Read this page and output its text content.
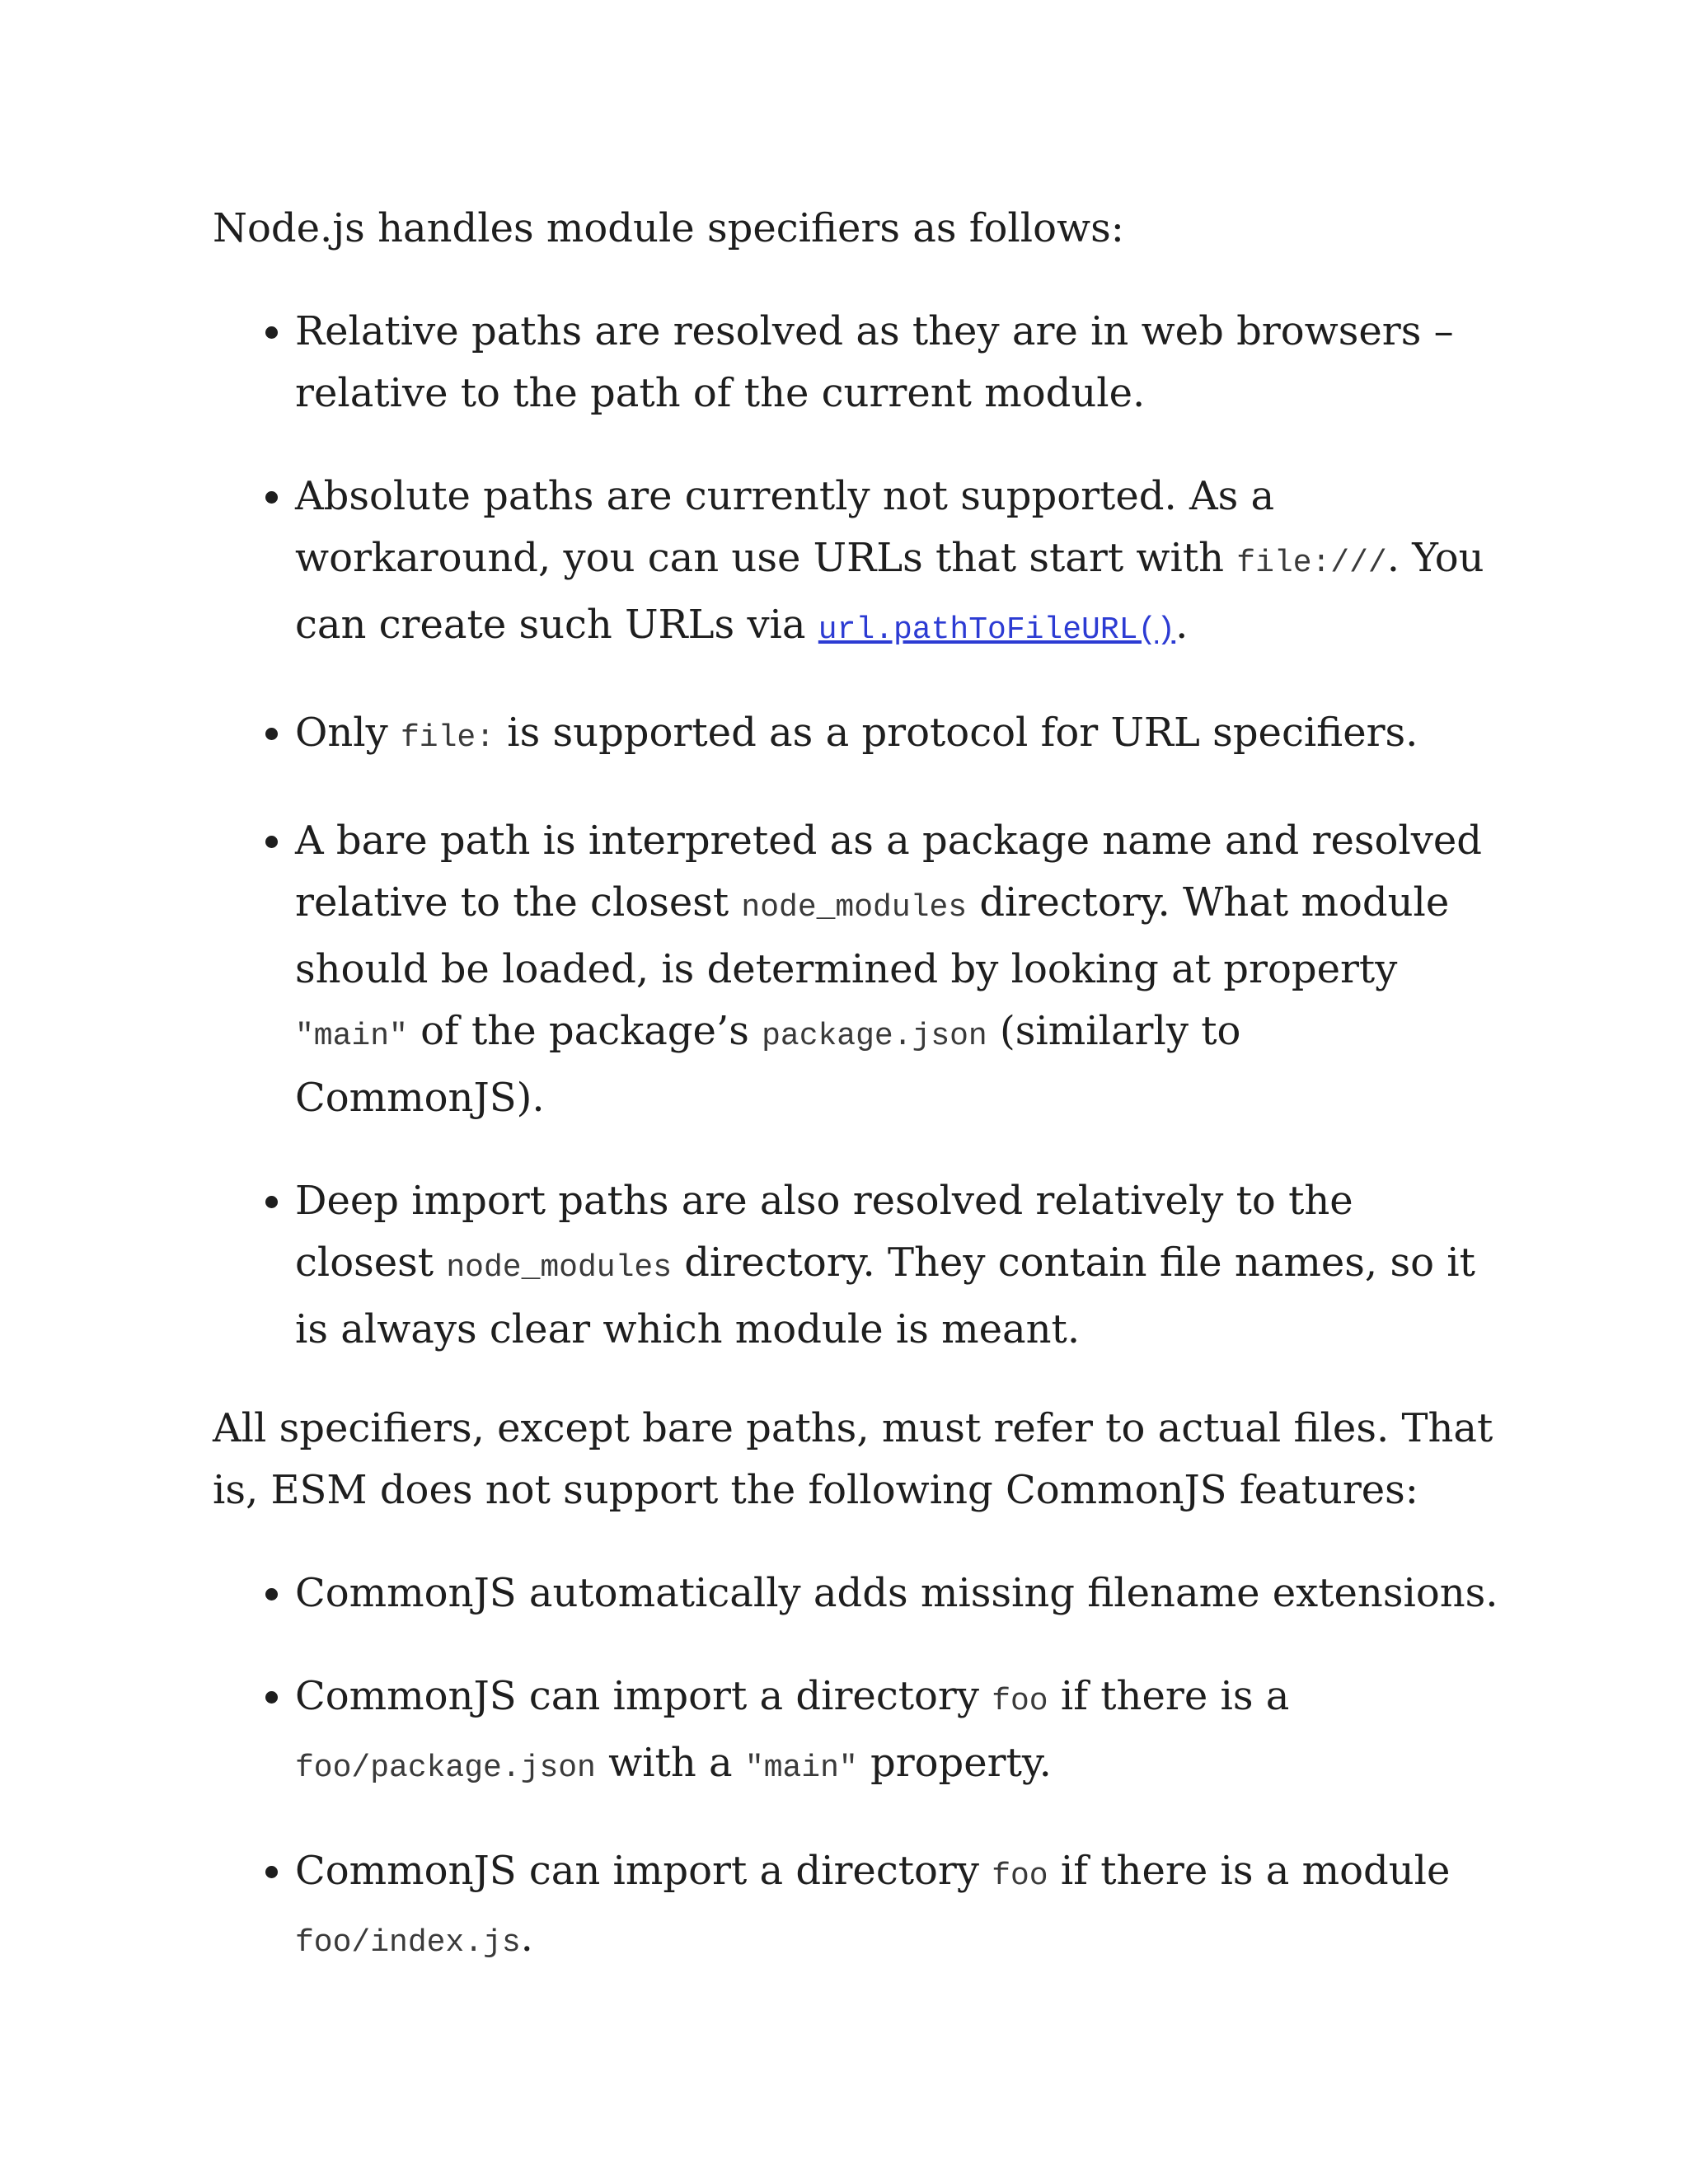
Node.js handles module specifiers as follows:

• Relative paths are resolved as they are in web browsers – relative to the path of the current module.
• Absolute paths are currently not supported. As a workaround, you can use URLs that start with file:///. You can create such URLs via url.pathToFileURL().
• Only file: is supported as a protocol for URL specifiers.
• A bare path is interpreted as a package name and resolved relative to the closest node_modules directory. What module should be loaded, is determined by looking at property "main" of the package’s package.json (similarly to CommonJS).
• Deep import paths are also resolved relatively to the closest node_modules directory. They contain file names, so it is always clear which module is meant.

All specifiers, except bare paths, must refer to actual files. That is, ESM does not support the following CommonJS features:

• CommonJS automatically adds missing filename extensions.
• CommonJS can import a directory foo if there is a foo/package.json with a "main" property.
• CommonJS can import a directory foo if there is a module foo/index.js.
